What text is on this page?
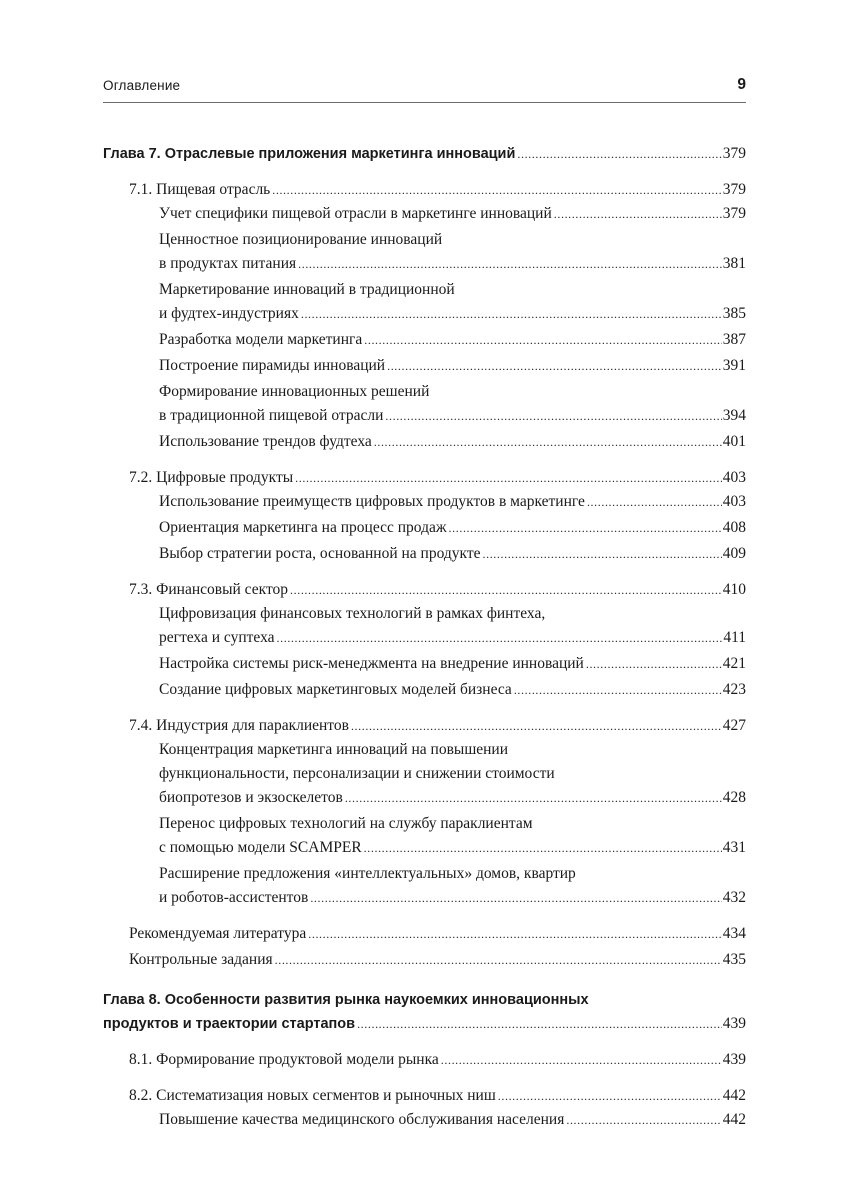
Оглавление	9
Глава 7. Отраслевые приложения маркетинга инноваций . . .	379
7.1. Пищевая отрасль . . .	379
Учет специфики пищевой отрасли в маркетинге инноваций . . .	379
Ценностное позиционирование инноваций
в продуктах питания . . .	381
Маркетирование инноваций в традиционной
и фудтех-индустриях . . .	385
Разработка модели маркетинга . . .	387
Построение пирамиды инноваций . . .	391
Формирование инновационных решений
в традиционной пищевой отрасли . . .	394
Использование трендов фудтеха . . .	401
7.2. Цифровые продукты . . .	403
Использование преимуществ цифровых продуктов в маркетинге . . .	403
Ориентация маркетинга на процесс продаж . . .	408
Выбор стратегии роста, основанной на продукте . . .	409
7.3. Финансовый сектор . . .	410
Цифровизация финансовых технологий в рамках финтеха,
регтеха и суптеха . . .	411
Настройка системы риск-менеджмента на внедрение инноваций . . .	421
Создание цифровых маркетинговых моделей бизнеса . . .	423
7.4. Индустрия для параклиентов . . .	427
Концентрация маркетинга инноваций на повышении
функциональности, персонализации и снижении стоимости
биопротезов и экзоскелетов . . .	428
Перенос цифровых технологий на службу параклиентам
с помощью модели SCAMPER . . .	431
Расширение предложения «интеллектуальных» домов, квартир
и роботов-ассистентов . . .	432
Рекомендуемая литература . . .	434
Контрольные задания . . .	435
Глава 8. Особенности развития рынка наукоемких инновационных
продуктов и траектории стартапов . . .	439
8.1. Формирование продуктовой модели рынка . . .	439
8.2. Систематизация новых сегментов и рыночных ниш . . .	442
Повышение качества медицинского обслуживания населения . . .	442
